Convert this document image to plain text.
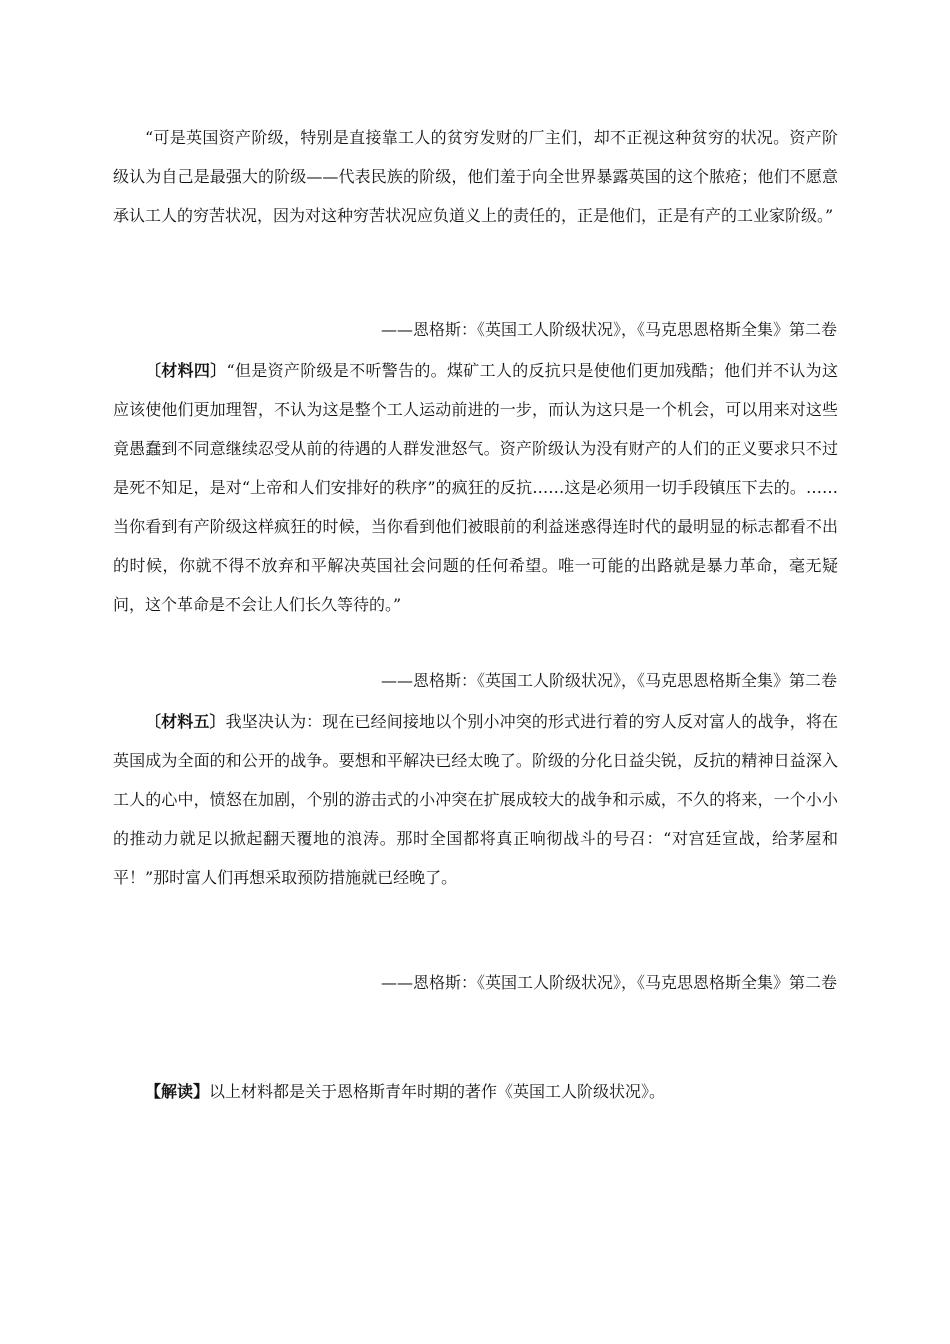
“可是英国资产阶级，特别是直接靠工人的贫穷发财的厂主们，却不正视这种贫穷的状况。资产阶级认为自己是最强大的阶级——代表民族的阶级，他们羞于向全世界暴露英国的这个脓疮；他们不愿意承认工人的穷苦状况，因为对这种穷苦状况应负道义上的责任的，正是他们，正是有产的工业家阶级。”

——恩格斯：《英国工人阶级状况》，《马克思恩格斯全集》第二卷

〔材料四〕“但是资产阶级是不听警告的。煤矿工人的反抗只是使他们更加残酷；他们并不认为这应该使他们更加理智，不认为这是整个工人运动前进的一步，而认为这只是一个机会，可以用来对这些竟愚蠢到不同意继续忍受从前的待遇的人群发泄怒气。资产阶级认为没有财产的人们的正义要求只不过是死不知足，是对“上帝和人们安排好的秩序”的疯狂的反抗……这是必须用一切手段镇压下去的。……当你看到有产阶级这样疯狂的时候，当你看到他们被眼前的利益迷惑得连时代的最明显的标志都看不出的时候，你就不得不放弃和平解决英国社会问题的任何希望。唯一可能的出路就是暴力革命，毫无疑问，这个革命是不会让人们长久等待的。”

——恩格斯：《英国工人阶级状况》，《马克思恩格斯全集》第二卷

〔材料五〕我坚决认为：现在已经间接地以个别小冲突的形式进行着的穷人反对富人的战争，将在英国成为全面的和公开的战争。要想和平解决已经太晚了。阶级的分化日益尖锐，反抗的精神日益深入工人的心中，愤怒在加剧，个别的游击式的小冲突在扩展成较大的战争和示威，不久的将来，一个小小的推动力就足以掀起翻天覆地的浪涛。那时全国都将真正响彻战斗的号召：“对宫廷宣战，给茅屋和平！”那时富人们再想采取预防措施就已经晚了。

——恩格斯：《英国工人阶级状况》，《马克思恩格斯全集》第二卷

【解读】以上材料都是关于恩格斯青年时期的著作《英国工人阶级状况》。
